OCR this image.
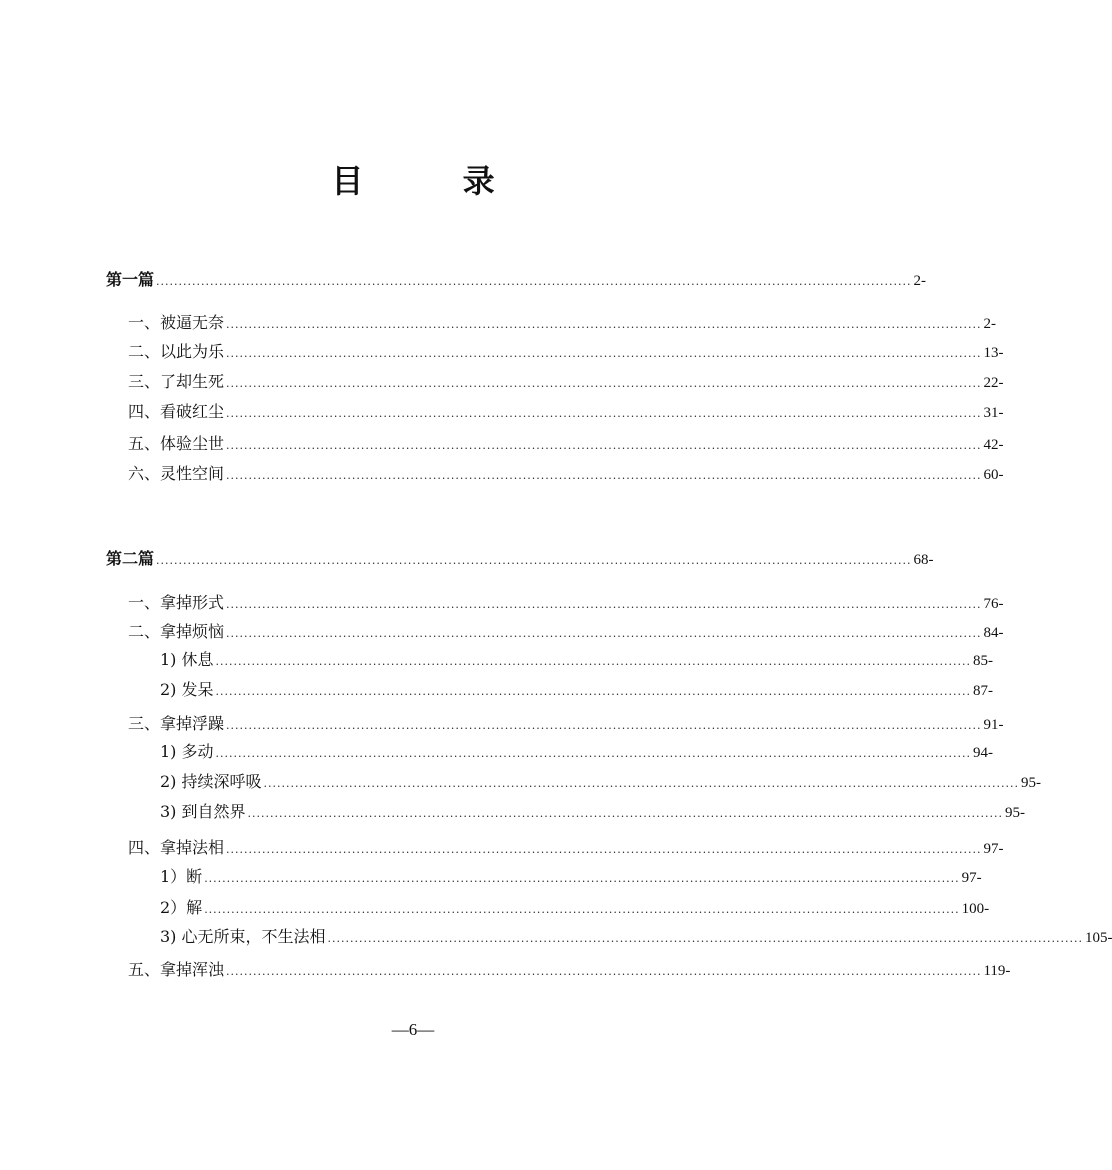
目 录
第一篇 ........................................................................................................................................................................ 2-
一、被逼无奈 ........................................................................................................................................................................ 2-
二、以此为乐 ........................................................................................................................................................................ 13-
三、了却生死 ........................................................................................................................................................................ 22-
四、看破红尘 ........................................................................................................................................................................ 31-
五、体验尘世 ........................................................................................................................................................................ 42-
六、灵性空间 ........................................................................................................................................................................ 60-
第二篇 ........................................................................................................................................................................ 68-
一、拿掉形式 ........................................................................................................................................................................ 76-
二、拿掉烦恼 ........................................................................................................................................................................ 84-
1) 休息 ........................................................................................................................................................................ 85-
2) 发呆 ........................................................................................................................................................................ 87-
三、拿掉浮躁 ........................................................................................................................................................................ 91-
1) 多动 ........................................................................................................................................................................ 94-
2) 持续深呼吸 ........................................................................................................................................................................ 95-
3) 到自然界 ........................................................................................................................................................................ 95-
四、拿掉法相 ........................................................................................................................................................................ 97-
1）断 ........................................................................................................................................................................ 97-
2）解 ........................................................................................................................................................................ 100-
3) 心无所束，不生法相 ........................................................................................................................................................................ 105-
五、拿掉浑浊 ........................................................................................................................................................................ 119-
—6—
